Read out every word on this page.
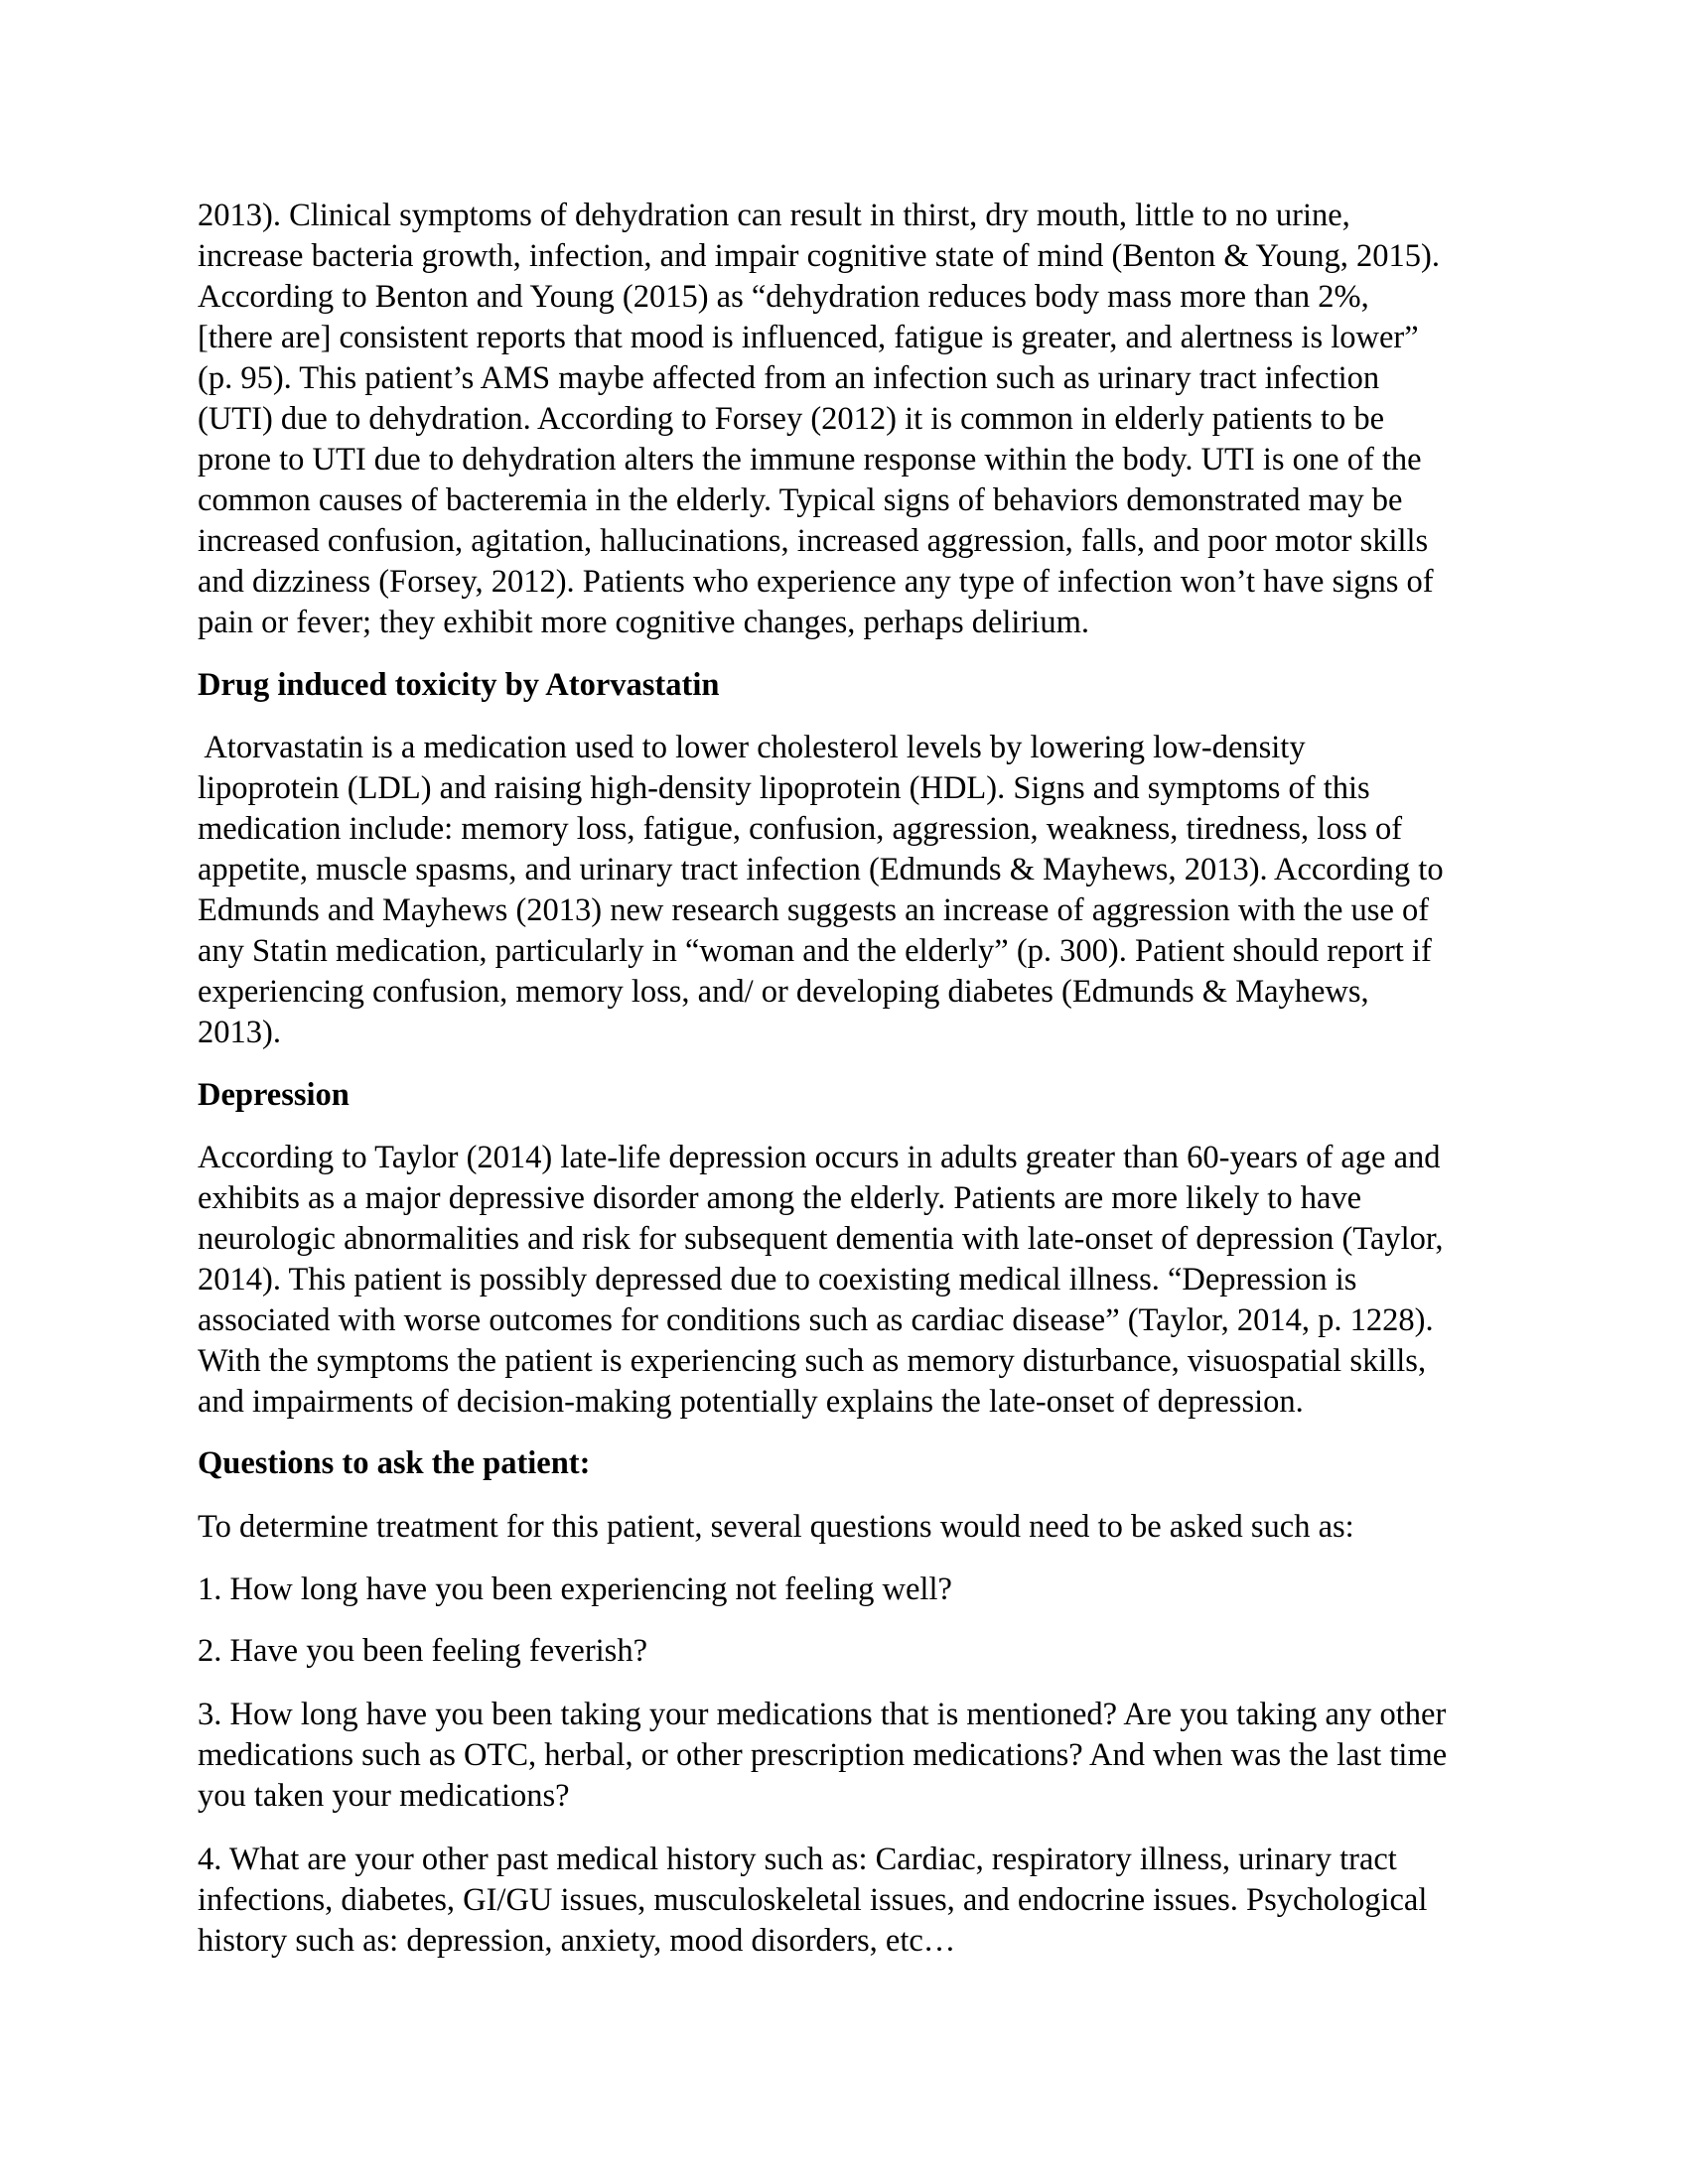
2013). Clinical symptoms of dehydration can result in thirst, dry mouth, little to no urine,
increase bacteria growth, infection, and impair cognitive state of mind (Benton & Young, 2015).
According to Benton and Young (2015) as “dehydration reduces body mass more than 2%,
[there are] consistent reports that mood is influenced, fatigue is greater, and alertness is lower”
(p. 95). This patient’s AMS maybe affected from an infection such as urinary tract infection
(UTI) due to dehydration. According to Forsey (2012) it is common in elderly patients to be
prone to UTI due to dehydration alters the immune response within the body. UTI is one of the
common causes of bacteremia in the elderly. Typical signs of behaviors demonstrated may be
increased confusion, agitation, hallucinations, increased aggression, falls, and poor motor skills
and dizziness (Forsey, 2012). Patients who experience any type of infection won’t have signs of
pain or fever; they exhibit more cognitive changes, perhaps delirium.
Drug induced toxicity by Atorvastatin
Atorvastatin is a medication used to lower cholesterol levels by lowering low-density
lipoprotein (LDL) and raising high-density lipoprotein (HDL). Signs and symptoms of this
medication include: memory loss, fatigue, confusion, aggression, weakness, tiredness, loss of
appetite, muscle spasms, and urinary tract infection (Edmunds & Mayhews, 2013). According to
Edmunds and Mayhews (2013) new research suggests an increase of aggression with the use of
any Statin medication, particularly in “woman and the elderly” (p. 300). Patient should report if
experiencing confusion, memory loss, and/ or developing diabetes (Edmunds & Mayhews,
2013).
Depression
According to Taylor (2014) late-life depression occurs in adults greater than 60-years of age and
exhibits as a major depressive disorder among the elderly. Patients are more likely to have
neurologic abnormalities and risk for subsequent dementia with late-onset of depression (Taylor,
2014). This patient is possibly depressed due to coexisting medical illness. “Depression is
associated with worse outcomes for conditions such as cardiac disease” (Taylor, 2014, p. 1228).
With the symptoms the patient is experiencing such as memory disturbance, visuospatial skills,
and impairments of decision-making potentially explains the late-onset of depression.
Questions to ask the patient:
To determine treatment for this patient, several questions would need to be asked such as:
1. How long have you been experiencing not feeling well?
2. Have you been feeling feverish?
3. How long have you been taking your medications that is mentioned? Are you taking any other
medications such as OTC, herbal, or other prescription medications? And when was the last time
you taken your medications?
4. What are your other past medical history such as: Cardiac, respiratory illness, urinary tract
infections, diabetes, GI/GU issues, musculoskeletal issues, and endocrine issues. Psychological
history such as: depression, anxiety, mood disorders, etc…
